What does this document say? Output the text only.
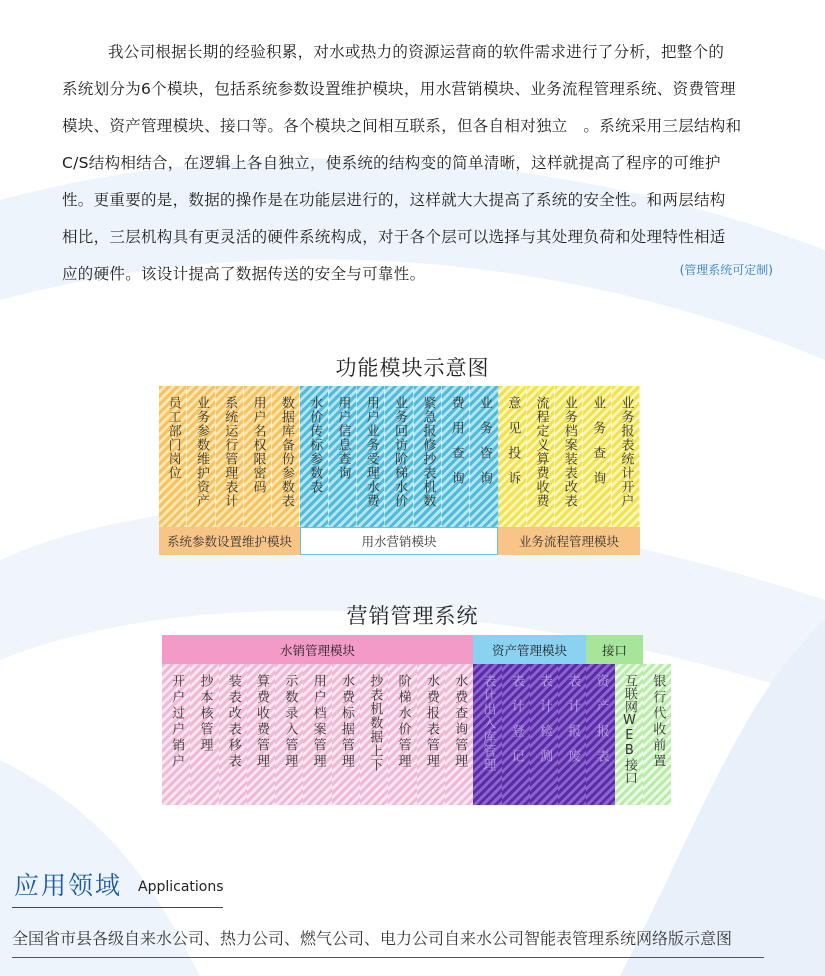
我公司根据长期的经验积累，对水或热力的资源运营商的软件需求进行了分析，把整个的
系统划分为6个模块，包括系统参数设置维护模块，用水营销模块、业务流程管理系统、资费管理
模块、资产管理模块、接口等。各个模块之间相互联系，但各自相对独立　。系统采用三层结构和
C/S结构相结合，在逻辑上各自独立，使系统的结构变的简单清晰，这样就提高了程序的可维护
性。更重要的是，数据的操作是在功能层进行的，这样就大大提高了系统的安全性。和两层结构
相比，三层机构具有更灵活的硬件系统构成，对于各个层可以选择与其处理负荷和处理特性相适
应的硬件。该设计提高了数据传送的安全与可靠性。	(管理系统可定制)
功能模块示意图
员工部门岗位 业务参数维护资产 系统运行管理表计 用户名权限密码 数据库备份参数表 水价传标参数表 用户信息查询 用户业务受理水费 业务回访阶梯水价 紧急报修抄表机数 费用查询 业务咨询 意见投诉 流程定义算费收费 业务档案装表改表 业务查询 业务报表统计开户
系统参数设置维护模块	用水营销模块	业务流程管理模块
营销管理系统
水销管理模块	资产管理模块	接口
开户过户销户 抄本核管理 装表改表移表 算费收费管理 示数录入管理 用户档案管理 水费标据管理 抄表机数据上下 阶梯水价管理 水费报表管理 水费查询管理 表计出入库管理 表计登记 表计检测 表计报废 资产报表 互联网WEB接口 银行代收前置
应用领域 Applications
全国省市县各级自来水公司、热力公司、燃气公司、电力公司自来水公司智能表管理系统网络版示意图
